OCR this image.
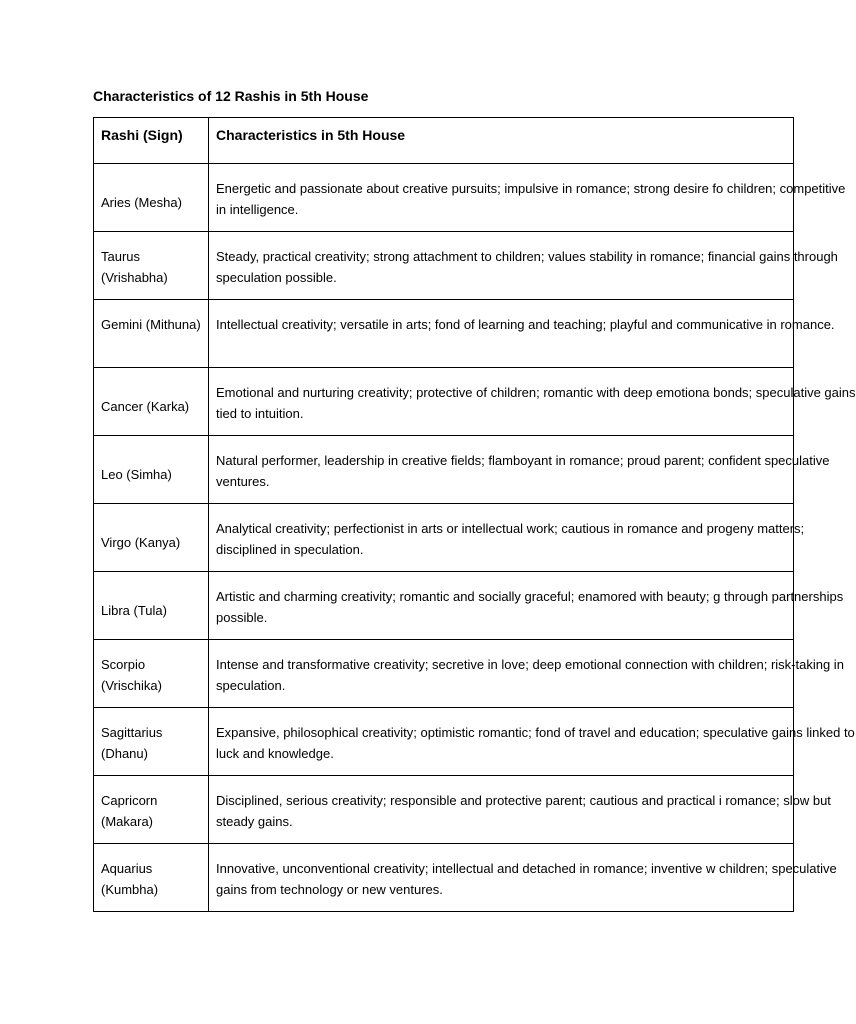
Characteristics of 12 Rashis in 5th House
Rashi (Sign)	Characteristics in 5th House
Aries (Mesha)	Energetic and passionate about creative pursuits; impulsive in romance; strong desire fo children; competitive in intelligence.

Taurus (Vrishabha)	Steady, practical creativity; strong attachment to children; values stability in romance; financial gains through speculation possible.

Gemini (Mithuna)	Intellectual creativity; versatile in arts; fond of learning and teaching; playful and communicative in romance.

Cancer (Karka)	Emotional and nurturing creativity; protective of children; romantic with deep emotiona bonds; speculative gains tied to intuition.

Leo (Simha)	Natural performer, leadership in creative fields; flamboyant in romance; proud parent; confident speculative ventures.

Virgo (Kanya)	Analytical creativity; perfectionist in arts or intellectual work; cautious in romance and progeny matters; disciplined in speculation.

Libra (Tula)	Artistic and charming creativity; romantic and socially graceful; enamored with beauty; g through partnerships possible.

Scorpio (Vrischika)	Intense and transformative creativity; secretive in love; deep emotional connection with children; risk-taking in speculation.

Sagittarius (Dhanu)	Expansive, philosophical creativity; optimistic romantic; fond of travel and education; speculative gains linked to luck and knowledge.

Capricorn (Makara)	Disciplined, serious creativity; responsible and protective parent; cautious and practical i romance; slow but steady gains.

Aquarius (Kumbha)	Innovative, unconventional creativity; intellectual and detached in romance; inventive w children; speculative gains from technology or new ventures.
